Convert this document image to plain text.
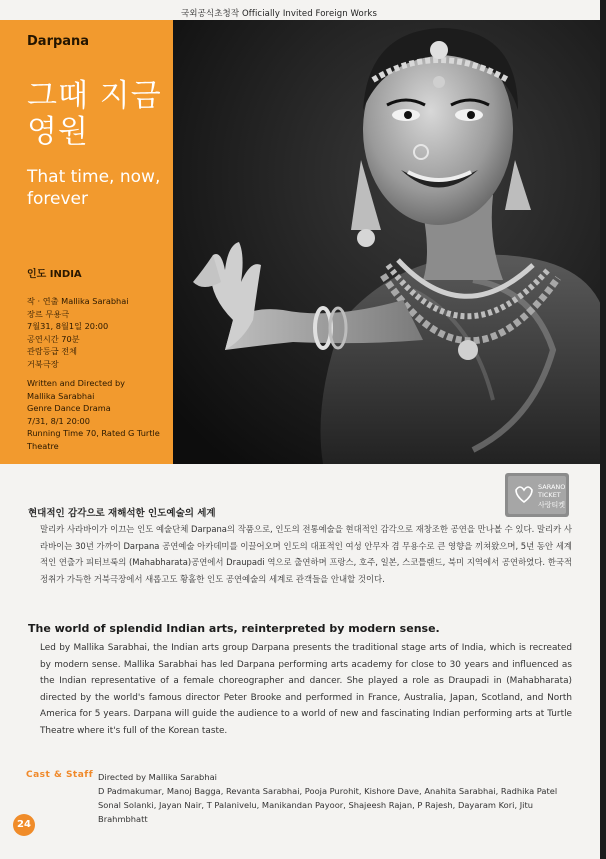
국외공식초청작 Officially Invited Foreign Works
Darpana
그때 지금
영원
That time, now,
forever
인도 INDIA
작 · 연출 Mallika Sarabhai
장르 무용극
7월31, 8월1일 20:00
공연시간 70분
관람등급 전체
거북극장
Written and Directed by
Mallika Sarabhai
Genre Dance Drama
7/31, 8/1 20:00
Running Time 70, Rated G Turtle
Theatre
SARANO
TICKET
사랑티켓
현대적인 감각으로 재해석한 인도예술의 세계
말리카 사라바이가 이끄는 인도 예술단체 Darpana의 작품으로, 인도의 전통예술을 현대적인 감각으로 재창조한 공연을 만나볼 수 있다. 말리카 사라바이는 30년 가까이 Darpana 공연예술 아카데미를 이끌어오며 인도의 대표적인 여성 안무자 겸 무용수로 큰 영향을 끼쳐왔으며, 5년 동안 세계적인 연출가 피터브룩의 (Mahabharata)공연에서 Draupadi 역으로 출연하며 프랑스, 호주, 일본, 스코틀랜드, 북미 지역에서 공연하였다. 한국적 정취가 가득한 거북극장에서 새롭고도 황홀한 인도 공연예술의 세계로 관객들을 안내할 것이다.
The world of splendid Indian arts, reinterpreted by modern sense.
Led by Mallika Sarabhai, the Indian arts group Darpana presents the traditional stage arts of India, which is recreated by modern sense. Mallika Sarabhai has led Darpana performing arts academy for close to 30 years and influenced as the Indian representative of a female choreographer and dancer. She played a role as Draupadi in (Mahabharata) directed by the world's famous director Peter Brooke and performed in France, Australia, Japan, Scotland, and North America for 5 years. Darpana will guide the audience to a world of new and fascinating Indian performing arts at Turtle Theatre where it's full of the Korean taste.
Cast & Staff Directed by Mallika Sarabhai
D Padmakumar, Manoj Bagga, Revanta Sarabhai, Pooja Purohit, Kishore Dave, Anahita Sarabhai, Radhika Patel
Sonal Solanki, Jayan Nair, T Palanivelu, Manikandan Payoor, Shajeesh Rajan, P Rajesh, Dayaram Kori, Jitu Brahmbhatt
24
